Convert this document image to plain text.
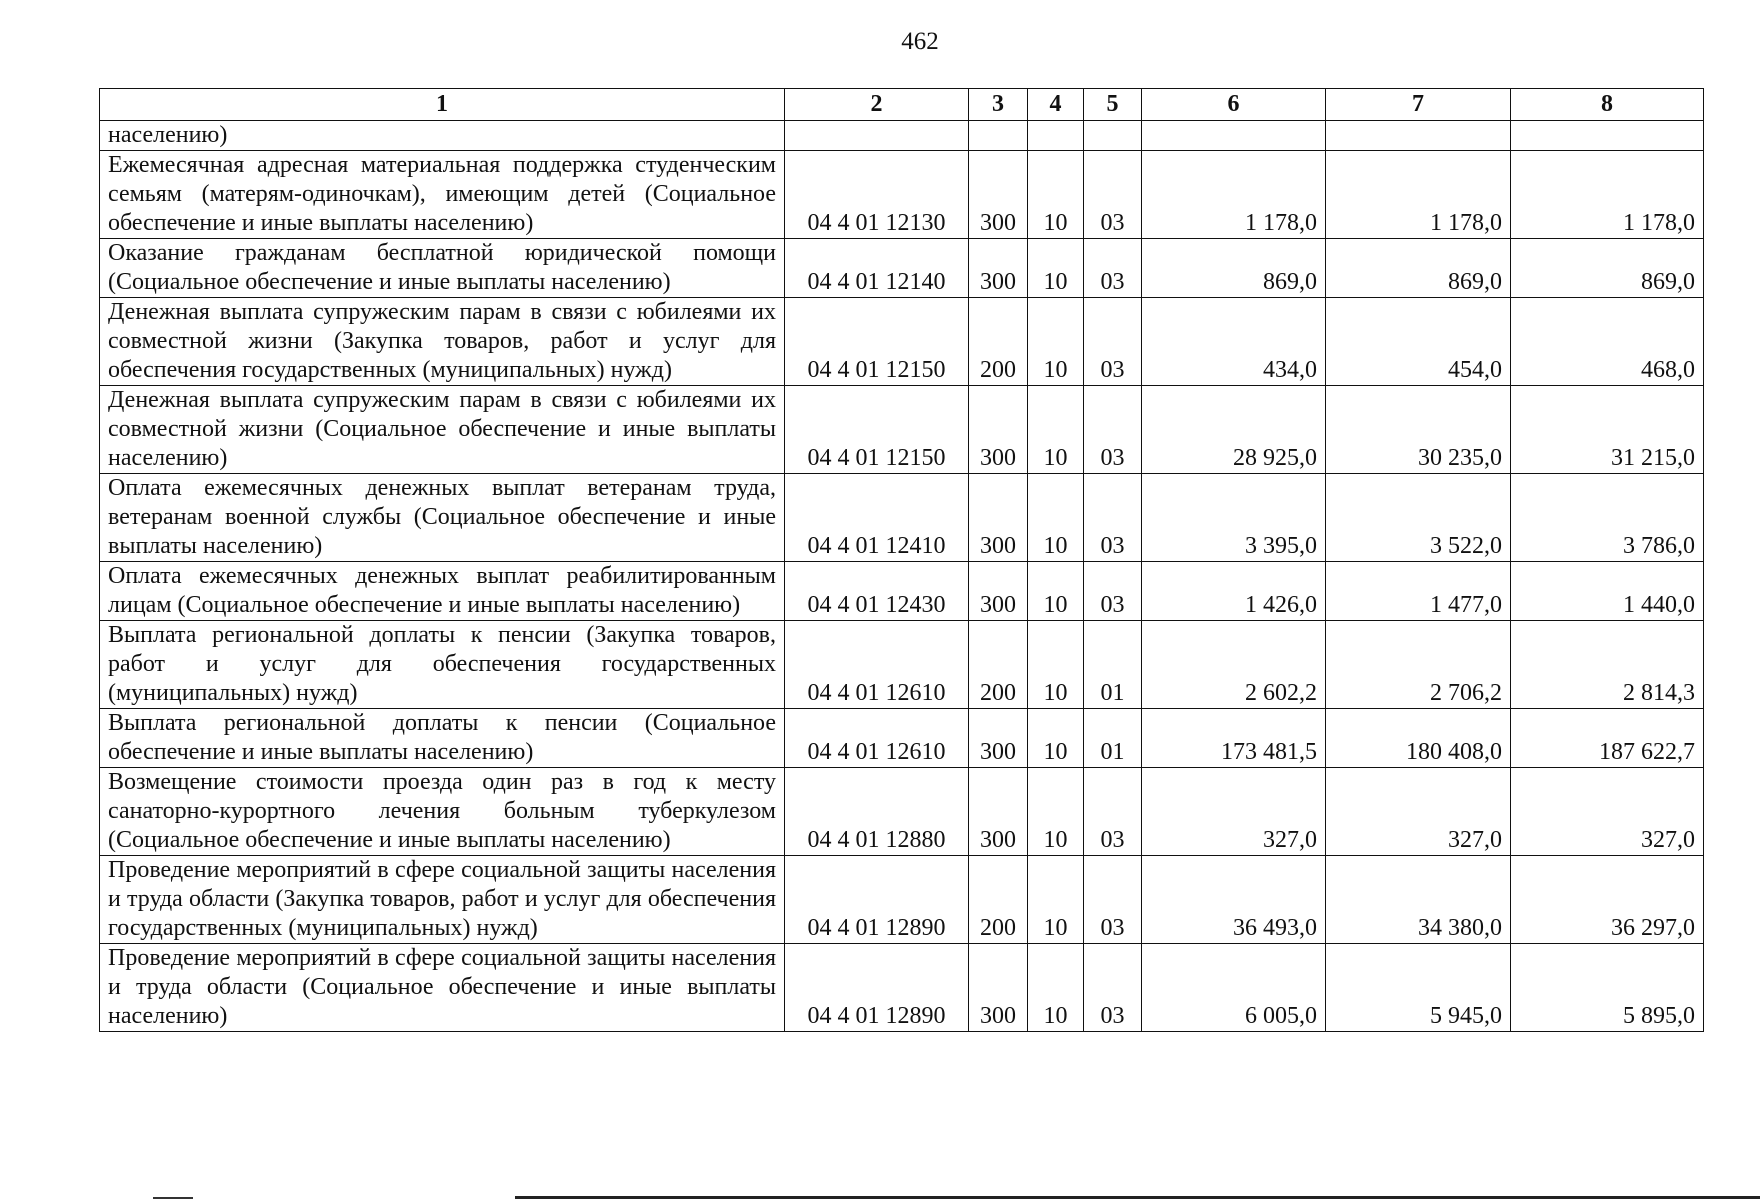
462
1	2	3	4	5	6	7	8
населению)							
Ежемесячная адресная материальная поддержка студенческим семьям (матерям-одиночкам), имеющим детей (Социальное обеспечение и иные выплаты населению)	04 4 01 12130	300	10	03	1 178,0	1 178,0	1 178,0
Оказание гражданам бесплатной юридической помощи (Социальное обеспечение и иные выплаты населению)	04 4 01 12140	300	10	03	869,0	869,0	869,0
Денежная выплата супружеским парам в связи с юбилеями их совместной жизни (Закупка товаров, работ и услуг для обеспечения государственных (муниципальных) нужд)	04 4 01 12150	200	10	03	434,0	454,0	468,0
Денежная выплата супружеским парам в связи с юбилеями их совместной жизни (Социальное обеспечение и иные выплаты населению)	04 4 01 12150	300	10	03	28 925,0	30 235,0	31 215,0
Оплата ежемесячных денежных выплат ветеранам труда, ветеранам военной службы (Социальное обеспечение и иные выплаты населению)	04 4 01 12410	300	10	03	3 395,0	3 522,0	3 786,0
Оплата ежемесячных денежных выплат реабилитированным лицам (Социальное обеспечение и иные выплаты населению)	04 4 01 12430	300	10	03	1 426,0	1 477,0	1 440,0
Выплата региональной доплаты к пенсии (Закупка товаров, работ и услуг для обеспечения государственных (муниципальных) нужд)	04 4 01 12610	200	10	01	2 602,2	2 706,2	2 814,3
Выплата региональной доплаты к пенсии (Социальное обеспечение и иные выплаты населению)	04 4 01 12610	300	10	01	173 481,5	180 408,0	187 622,7
Возмещение стоимости проезда один раз в год к месту санаторно-курортного лечения больным туберкулезом (Социальное обеспечение и иные выплаты населению)	04 4 01 12880	300	10	03	327,0	327,0	327,0
Проведение мероприятий в сфере социальной защиты населения и труда области (Закупка товаров, работ и услуг для обеспечения государственных (муниципальных) нужд)	04 4 01 12890	200	10	03	36 493,0	34 380,0	36 297,0
Проведение мероприятий в сфере социальной защиты населения и труда области (Социальное обеспечение и иные выплаты населению)	04 4 01 12890	300	10	03	6 005,0	5 945,0	5 895,0
